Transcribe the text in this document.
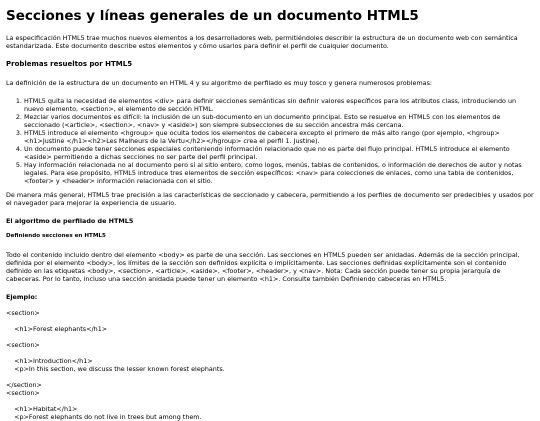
Secciones y líneas generales de un documento HTML5

La especificación HTML5 trae muchos nuevos elementos a los desarrolladores web, permitiéndoles describir la estructura de un documento web con semántica estandarizada. Este documento describe estos elementos y cómo usarlos para definir el perfil de cualquier documento.

Problemas resueltos por HTML5

La definición de la estructura de un documento en HTML 4 y su algoritmo de perfilado es muy tosco y genera numerosos problemas:

1. HTML5 quita la necesidad de elementos <div> para definir secciones semánticas sin definir valores específicos para los atributos class, introduciendo un nuevo elemento, <section>, el elemento de sección HTML.
2. Mezclar varios documentos es difícil: la inclusión de un sub-documento en un documento principal. Esto se resuelve en HTML5 con los elementos de seccionado (<article>, <section>, <nav> y <aside>) son siempre subsecciones de su sección ancestra más cercana.
3. HTML5 introduce el elemento <hgroup> que oculta todos los elementos de cabecera excepto el primero de más alto rango (por ejemplo, <hgroup><h1>Justine </h1><h2>Les Malheurs de la Vertu</h2></hgroup> crea el perfil 1. Justine).
4. Un documento puede tener secciones especiales conteniendo información relacionado que no es parte del flujo principal. HTML5 introduce el elemento <aside> permitiendo a dichas secciones no ser parte del perfil principal.
5. Hay información relacionada no al documento pero sí al sitio entero, como logos, menús, tablas de contenidos, o información de derechos de autor y notas legales. Para ese propósito, HTML5 introduce tres elementos de sección específicos: <nav> para colecciones de enlaces, como una tabla de contenidos, <footer> y <header> información relacionada con el sitio.

De manera más general, HTML5 trae precisión a las características de seccionado y cabecera, permitiendo a los perfiles de documento ser predecibles y usados por el navegador para mejorar la experiencia de usuario.

El algoritmo de perfilado de HTML5
Definiendo secciones en HTML5

Todo el contenido incluido dentro del elemento <body> es parte de una sección. Las secciones en HTML5 pueden ser anidadas. Además de la sección principal, definida por el elemento <body>, los límites de la sección son definidos explícita o implícitamente. Las secciones definidas explícitamente son el contenido definido en las etiquetas <body>, <section>, <article>, <aside>, <footer>, <header>, y <nav>. Nota: Cada sección puede tener su propia jerarquía de cabeceras. Por lo tanto, incluso una sección anidada puede tener un elemento <h1>. Consulte también Definiendo cabeceras en HTML5.

Ejemplo:
<section>
<h1>Forest elephants</h1>
<section>
<h1>Introduction</h1>
<p>In this section, we discuss the lesser known forest elephants.
</section>
<section>
<h1>Habitat</h1>
<p>Forest elephants do not live in trees but among them.
